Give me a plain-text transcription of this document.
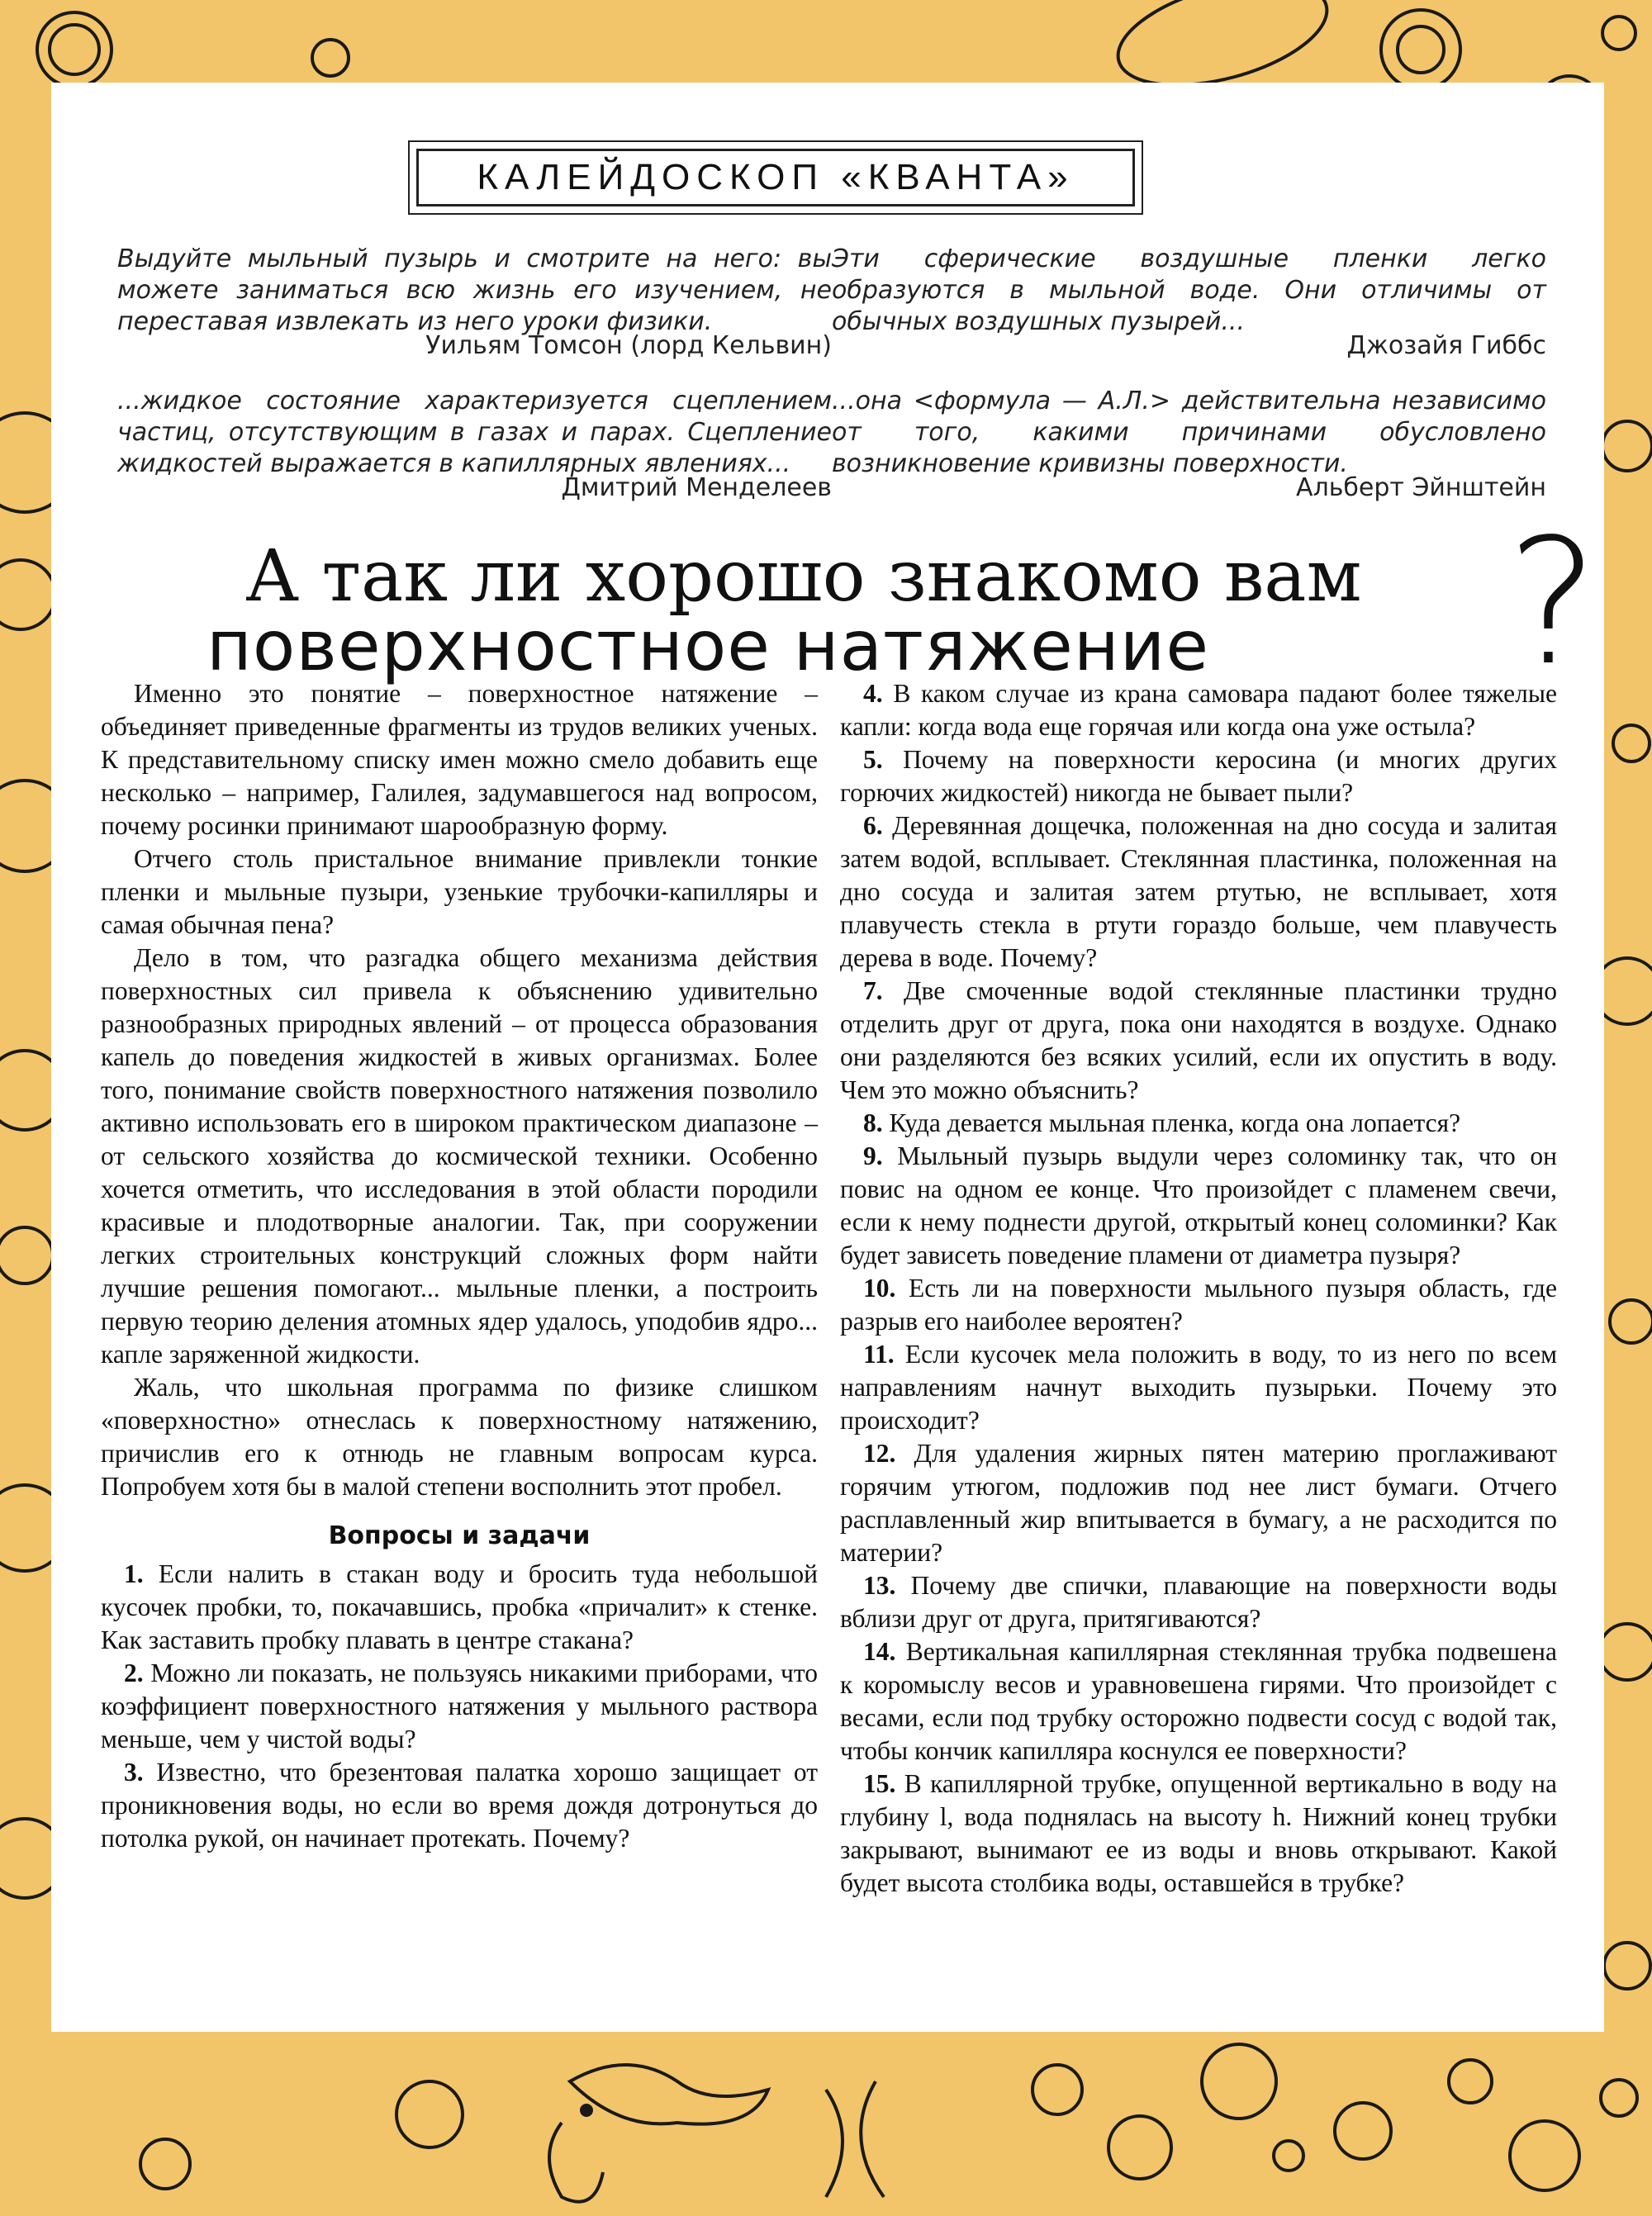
КАЛЕЙДОСКОП «КВАНТА»
Выдуйте мыльный пузырь и смотрите на него: вы можете заниматься всю жизнь его изучением, не переставая извлекать из него уроки физики.
Уильям Томсон (лорд Кельвин)
Эти сферические воздушные пленки легко образуются в мыльной воде. Они отличимы от обычных воздушных пузырей...
Джозайя Гиббс
...жидкое состояние характеризуется сцеплением частиц, отсутствующим в газах и парах. Сцепление жидкостей выражается в капиллярных явлениях...
Дмитрий Менделеев
...она <формула — А.Л.> действительна независимо от того, какими причинами обусловлено возникновение кривизны поверхности.
Альберт Эйнштейн
А так ли хорошо знакомо вам
поверхностное натяжение ?

Именно это понятие – поверхностное натяжение – объединяет приведенные фрагменты из трудов великих ученых. К представительному списку имен можно смело добавить еще несколько – например, Галилея, задумавшегося над вопросом, почему росинки принимают шарообразную форму.

Отчего столь пристальное внимание привлекли тонкие пленки и мыльные пузыри, узенькие трубочки-капилляры и самая обычная пена?

Дело в том, что разгадка общего механизма действия поверхностных сил привела к объяснению удивительно разнообразных природных явлений – от процесса образования капель до поведения жидкостей в живых организмах. Более того, понимание свойств поверхностного натяжения позволило активно использовать его в широком практическом диапазоне – от сельского хозяйства до космической техники. Особенно хочется отметить, что исследования в этой области породили красивые и плодотворные аналогии. Так, при сооружении легких строительных конструкций сложных форм найти лучшие решения помогают... мыльные пленки, а построить первую теорию деления атомных ядер удалось, уподобив ядро... капле заряженной жидкости.

Жаль, что школьная программа по физике слишком «поверхностно» отнеслась к поверхностному натяжению, причислив его к отнюдь не главным вопросам курса. Попробуем хотя бы в малой степени восполнить этот пробел.

Вопросы и задачи

1. Если налить в стакан воду и бросить туда небольшой кусочек пробки, то, покачавшись, пробка «причалит» к стенке. Как заставить пробку плавать в центре стакана?

2. Можно ли показать, не пользуясь никакими приборами, что коэффициент поверхностного натяжения у мыльного раствора меньше, чем у чистой воды?

3. Известно, что брезентовая палатка хорошо защищает от проникновения воды, но если во время дождя дотронуться до потолка рукой, он начинает протекать. Почему?

4. В каком случае из крана самовара падают более тяжелые капли: когда вода еще горячая или когда она уже остыла?

5. Почему на поверхности керосина (и многих других горючих жидкостей) никогда не бывает пыли?

6. Деревянная дощечка, положенная на дно сосуда и залитая затем водой, всплывает. Стеклянная пластинка, положенная на дно сосуда и залитая затем ртутью, не всплывает, хотя плавучесть стекла в ртути гораздо больше, чем плавучесть дерева в воде. Почему?

7. Две смоченные водой стеклянные пластинки трудно отделить друг от друга, пока они находятся в воздухе. Однако они разделяются без всяких усилий, если их опустить в воду. Чем это можно объяснить?

8. Куда девается мыльная пленка, когда она лопается?

9. Мыльный пузырь выдули через соломинку так, что он повис на одном ее конце. Что произойдет с пламенем свечи, если к нему поднести другой, открытый конец соломинки? Как будет зависеть поведение пламени от диаметра пузыря?

10. Есть ли на поверхности мыльного пузыря область, где разрыв его наиболее вероятен?

11. Если кусочек мела положить в воду, то из него по всем направлениям начнут выходить пузырьки. Почему это происходит?

12. Для удаления жирных пятен материю проглаживают горячим утюгом, подложив под нее лист бумаги. Отчего расплавленный жир впитывается в бумагу, а не расходится по материи?

13. Почему две спички, плавающие на поверхности воды вблизи друг от друга, притягиваются?

14. Вертикальная капиллярная стеклянная трубка подвешена к коромыслу весов и уравновешена гирями. Что произойдет с весами, если под трубку осторожно подвести сосуд с водой так, чтобы кончик капилляра коснулся ее поверхности?

15. В капиллярной трубке, опущенной вертикально в воду на глубину l, вода поднялась на высоту h. Нижний конец трубки закрывают, вынимают ее из воды и вновь открывают. Какой будет высота столбика воды, оставшейся в трубке?
